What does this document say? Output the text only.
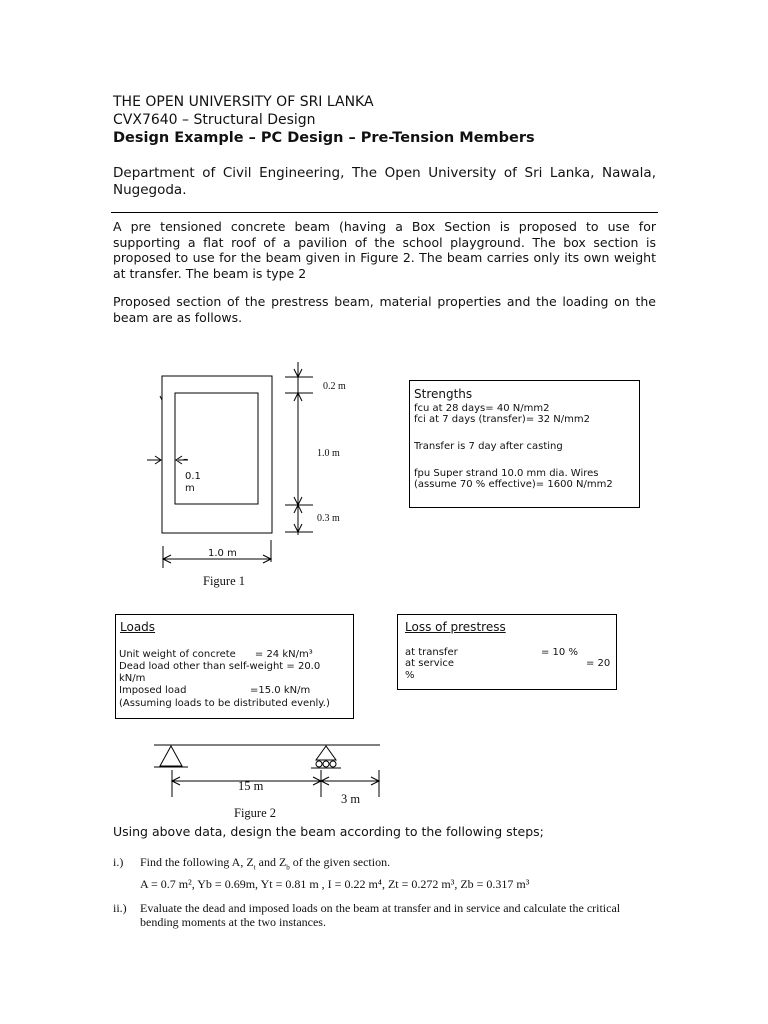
THE OPEN UNIVERSITY OF SRI LANKA
CVX7640 – Structural Design
Design Example – PC Design – Pre-Tension Members
Department of Civil Engineering, The Open University of Sri Lanka, Nawala, Nugegoda.
A pre tensioned concrete beam (having a Box Section is proposed to use for supporting a flat roof of a pavilion of the school playground. The box section is proposed to use for the beam given in Figure 2. The beam carries only its own weight at transfer. The beam is type 2
Proposed section of the prestress beam, material properties and the loading on the beam are as follows.
0.2 m
1.0 m
0.3 m
–
0.1
m
1.0 m
Figure 1
Strengths
fcu at 28 days= 40 N/mm2
fci at 7 days (transfer)= 32 N/mm2
Transfer is 7 day after casting
fpu Super strand 10.0 mm dia. Wires
(assume 70 % effective)= 1600 N/mm2
Loads
Unit weight of concrete      = 24 kN/m³
Dead load other than self-weight = 20.0
kN/m
Imposed load                    =15.0 kN/m
(Assuming loads to be distributed evenly.)
Loss of prestress
at transfer	= 10 %
at service	= 20
%
15 m
3 m
Figure 2
Using above data, design the beam according to the following steps;
i.) Find the following A, $Z_t$ and $Z_b$ of the given section.
A = 0.7 m², Yb = 0.69m, Yt = 0.81 m , I = 0.22 m⁴, Zt = 0.272 m³, Zb = 0.317 m³
ii.) Evaluate the dead and imposed loads on the beam at transfer and in service and calculate the critical
bending moments at the two instances.
